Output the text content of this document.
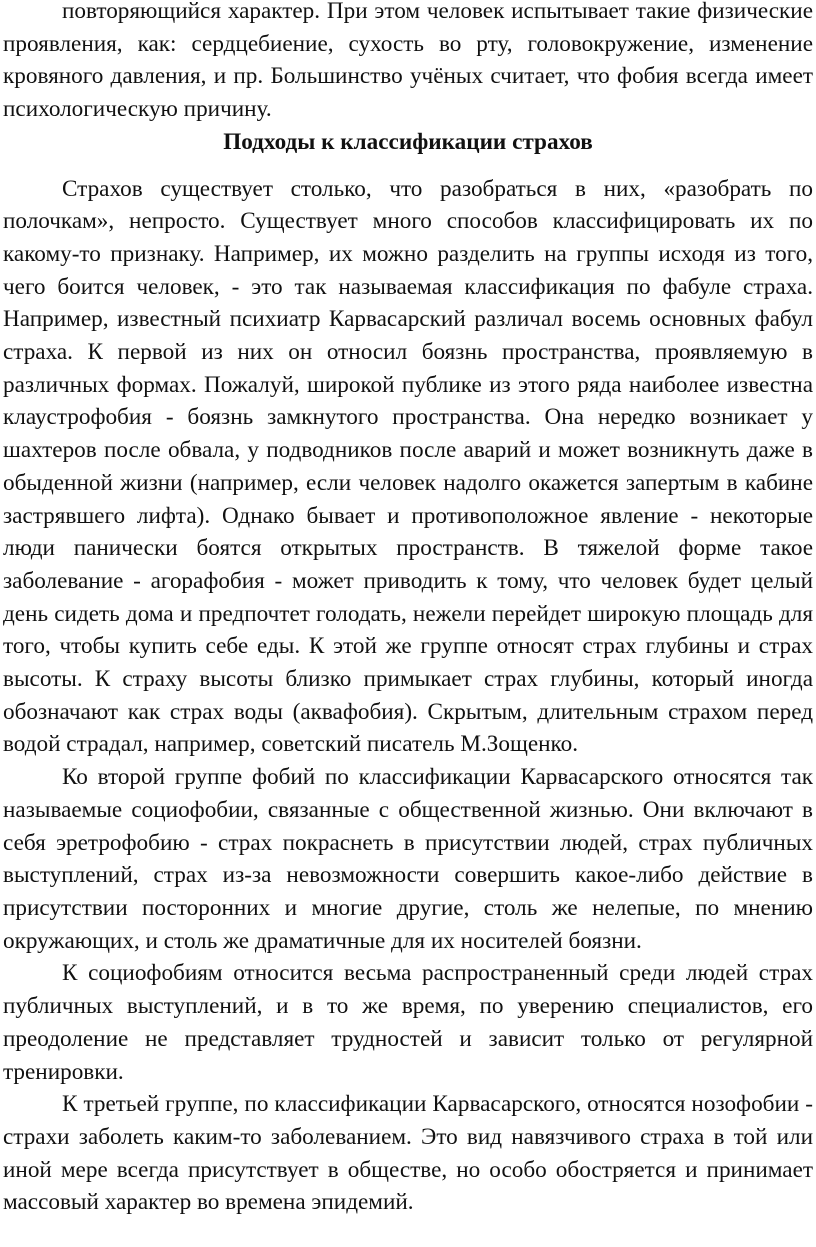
повторяющийся характер. При этом человек испытывает такие физические проявления, как: сердцебиение, сухость во рту, головокружение, изменение кровяного давления, и пр. Большинство учёных считает, что фобия всегда имеет психологическую причину.

Подходы к классификации страхов

Страхов существует столько, что разобраться в них, «разобрать по полочкам», непросто. Существует много способов классифицировать их по какому-то признаку. Например, их можно разделить на группы исходя из того, чего боится человек, - это так называемая классификация по фабуле страха. Например, известный психиатр Карвасарский различал восемь основных фабул страха. К первой из них он относил боязнь пространства, проявляемую в различных формах. Пожалуй, широкой публике из этого ряда наиболее известна клаустрофобия - боязнь замкнутого пространства. Она нередко возникает у шахтеров после обвала, у подводников после аварий и может возникнуть даже в обыденной жизни (например, если человек надолго окажется запертым в кабине застрявшего лифта). Однако бывает и противоположное явление - некоторые люди панически боятся открытых пространств. В тяжелой форме такое заболевание - агорафобия - может приводить к тому, что человек будет целый день сидеть дома и предпочтет голодать, нежели перейдет широкую площадь для того, чтобы купить себе еды. К этой же группе относят страх глубины и страх высоты. К страху высоты близко примыкает страх глубины, который иногда обозначают как страх воды (аквафобия). Скрытым, длительным страхом перед водой страдал, например, советский писатель М.Зощенко.

Ко второй группе фобий по классификации Карвасарского относятся так называемые социофобии, связанные с общественной жизнью. Они включают в себя эретрофобию - страх покраснеть в присутствии людей, страх публичных выступлений, страх из-за невозможности совершить какое-либо действие в присутствии посторонних и многие другие, столь же нелепые, по мнению окружающих, и столь же драматичные для их носителей боязни.

К социофобиям относится весьма распространенный среди людей страх публичных выступлений, и в то же время, по уверению специалистов, его преодоление не представляет трудностей и зависит только от регулярной тренировки.

К третьей группе, по классификации Карвасарского, относятся нозофобии - страхи заболеть каким-то заболеванием. Это вид навязчивого страха в той или иной мере всегда присутствует в обществе, но особо обостряется и принимает массовый характер во времена эпидемий.
